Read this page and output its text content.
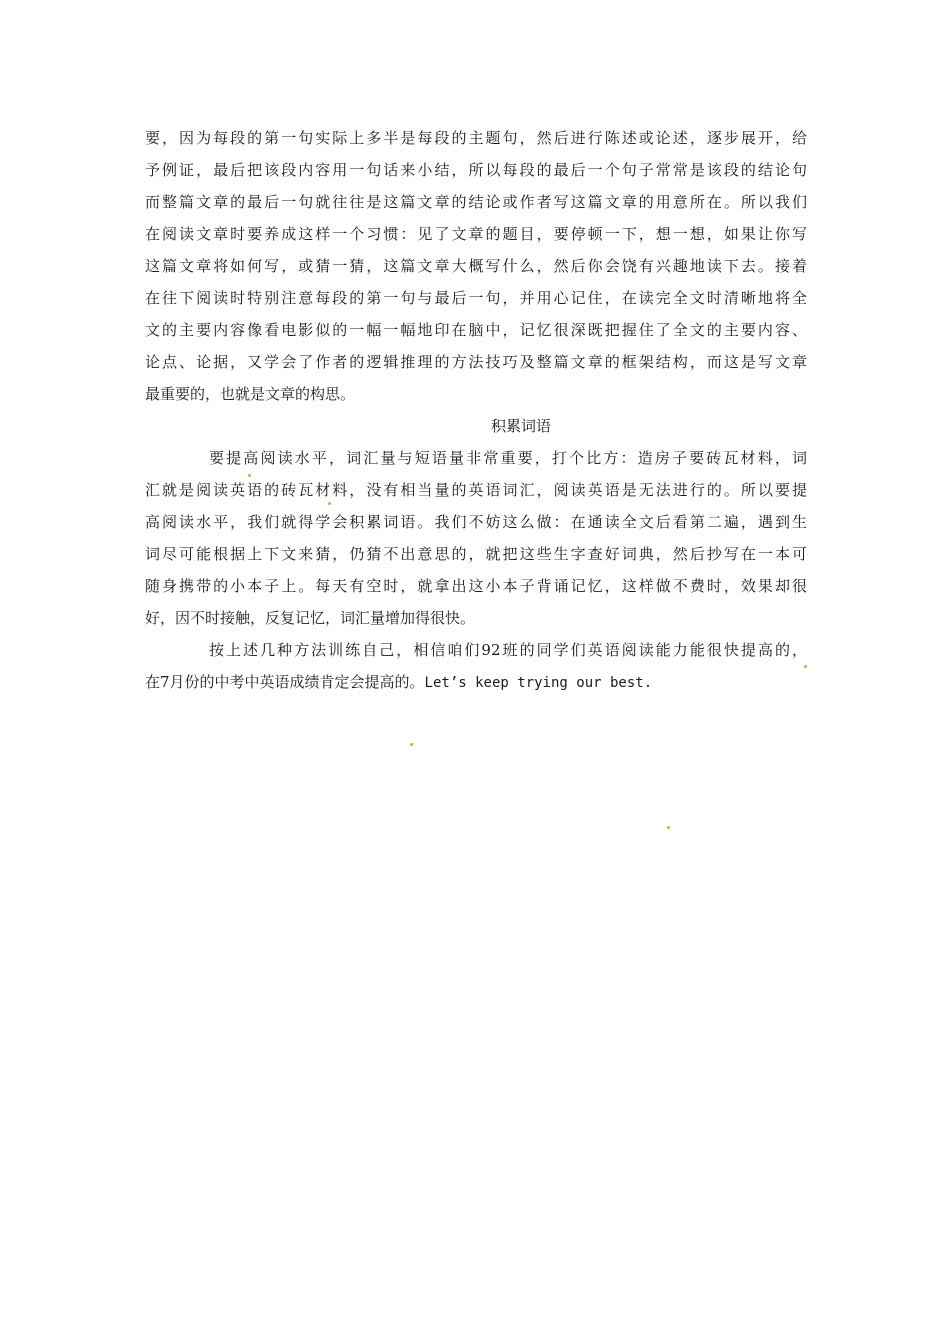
要，因为每段的第一句实际上多半是每段的主题句，然后进行陈述或论述，逐步展开，给
予例证，最后把该段内容用一句话来小结，所以每段的最后一个句子常常是该段的结论句
而整篇文章的最后一句就往往是这篇文章的结论或作者写这篇文章的用意所在。所以我们
在阅读文章时要养成这样一个习惯：见了文章的题目，要停顿一下，想一想，如果让你写
这篇文章将如何写，或猜一猜，这篇文章大概写什么，然后你会饶有兴趣地读下去。接着
在往下阅读时特别注意每段的第一句与最后一句，并用心记住，在读完全文时清晰地将全
文的主要内容像看电影似的一幅一幅地印在脑中，记忆很深既把握住了全文的主要内容、
论点、论据，又学会了作者的逻辑推理的方法技巧及整篇文章的框架结构，而这是写文章
最重要的，也就是文章的构思。
积累词语
要提高阅读水平，词汇量与短语量非常重要，打个比方：造房子要砖瓦材料，词
汇就是阅读英语的砖瓦材料，没有相当量的英语词汇，阅读英语是无法进行的。所以要提
高阅读水平，我们就得学会积累词语。我们不妨这么做：在通读全文后看第二遍，遇到生
词尽可能根据上下文来猜，仍猜不出意思的，就把这些生字查好词典，然后抄写在一本可
随身携带的小本子上。每天有空时，就拿出这小本子背诵记忆，这样做不费时，效果却很
好，因不时接触，反复记忆，词汇量增加得很快。
按上述几种方法训练自己，相信咱们92班的同学们英语阅读能力能很快提高的，
在7月份的中考中英语成绩肯定会提高的。Let’s keep trying our best.
